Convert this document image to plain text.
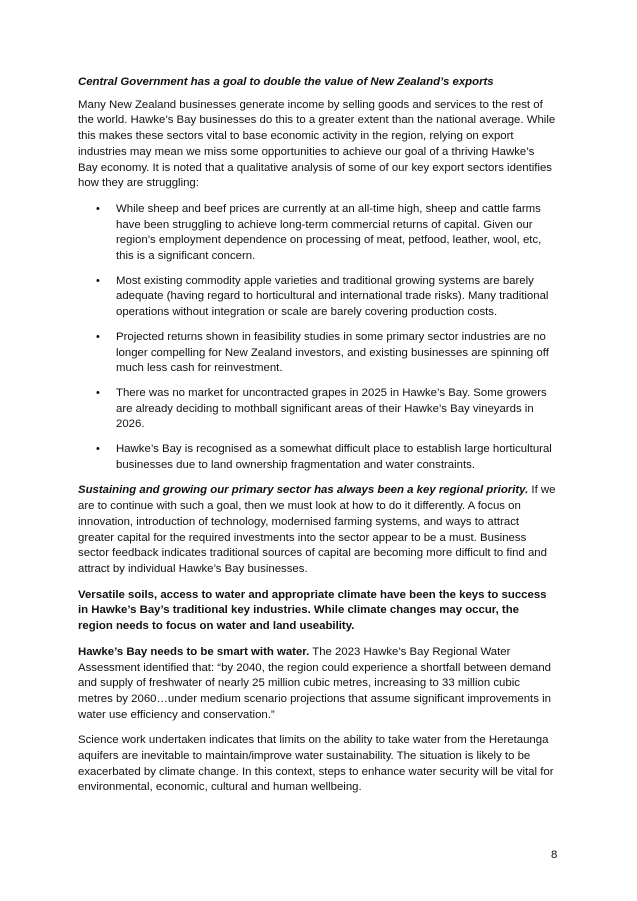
Central Government has a goal to double the value of New Zealand’s exports

Many New Zealand businesses generate income by selling goods and services to the rest of the world. Hawke’s Bay businesses do this to a greater extent than the national average. While this makes these sectors vital to base economic activity in the region, relying on export industries may mean we miss some opportunities to achieve our goal of a thriving Hawke’s Bay economy. It is noted that a qualitative analysis of some of our key export sectors identifies how they are struggling:

• While sheep and beef prices are currently at an all-time high, sheep and cattle farms have been struggling to achieve long-term commercial returns of capital. Given our region’s employment dependence on processing of meat, petfood, leather, wool, etc, this is a significant concern.
• Most existing commodity apple varieties and traditional growing systems are barely adequate (having regard to horticultural and international trade risks). Many traditional operations without integration or scale are barely covering production costs.
• Projected returns shown in feasibility studies in some primary sector industries are no longer compelling for New Zealand investors, and existing businesses are spinning off much less cash for reinvestment.
• There was no market for uncontracted grapes in 2025 in Hawke’s Bay. Some growers are already deciding to mothball significant areas of their Hawke’s Bay vineyards in 2026.
• Hawke’s Bay is recognised as a somewhat difficult place to establish large horticultural businesses due to land ownership fragmentation and water constraints.

Sustaining and growing our primary sector has always been a key regional priority. If we are to continue with such a goal, then we must look at how to do it differently. A focus on innovation, introduction of technology, modernised farming systems, and ways to attract greater capital for the required investments into the sector appear to be a must. Business sector feedback indicates traditional sources of capital are becoming more difficult to find and attract by individual Hawke’s Bay businesses.

Versatile soils, access to water and appropriate climate have been the keys to success in Hawke’s Bay’s traditional key industries. While climate changes may occur, the region needs to focus on water and land useability.

Hawke’s Bay needs to be smart with water. The 2023 Hawke’s Bay Regional Water Assessment identified that: “by 2040, the region could experience a shortfall between demand and supply of freshwater of nearly 25 million cubic metres, increasing to 33 million cubic metres by 2060…under medium scenario projections that assume significant improvements in water use efficiency and conservation.”

Science work undertaken indicates that limits on the ability to take water from the Heretaunga aquifers are inevitable to maintain/improve water sustainability. The situation is likely to be exacerbated by climate change. In this context, steps to enhance water security will be vital for environmental, economic, cultural and human wellbeing.

8
